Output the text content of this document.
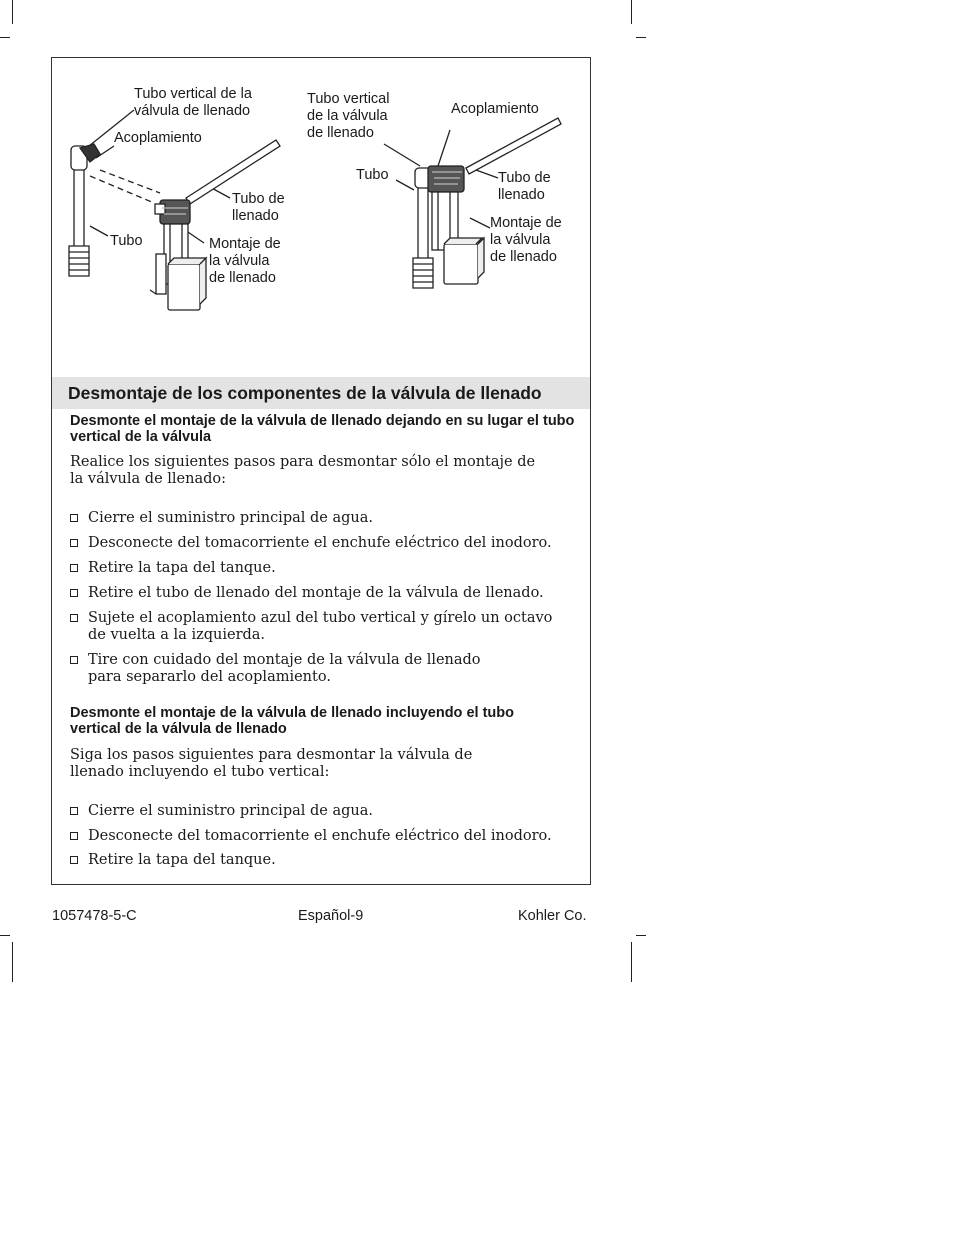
Tubo vertical de la
válvula de llenado
Acoplamiento
Tubo de
llenado
Tubo	Montaje de
la válvula
de llenado
Tubo vertical
de la válvula
de llenado
Acoplamiento
Tubo	Tubo de
llenado
Montaje de
la válvula
de llenado
Desmontaje de los componentes de la válvula de llenado
Desmonte el montaje de la válvula de llenado dejando en su lugar el tubo vertical de la válvula
Realice los siguientes pasos para desmontar sólo el montaje de la válvula de llenado:
Cierre el suministro principal de agua.
Desconecte del tomacorriente el enchufe eléctrico del inodoro.
Retire la tapa del tanque.
Retire el tubo de llenado del montaje de la válvula de llenado.
Sujete el acoplamiento azul del tubo vertical y gírelo un octavo de vuelta a la izquierda.
Tire con cuidado del montaje de la válvula de llenado para separarlo del acoplamiento.
Desmonte el montaje de la válvula de llenado incluyendo el tubo vertical de la válvula de llenado
Siga los pasos siguientes para desmontar la válvula de llenado incluyendo el tubo vertical:
Cierre el suministro principal de agua.
Desconecte del tomacorriente el enchufe eléctrico del inodoro.
Retire la tapa del tanque.
1057478-5-C	Español-9	Kohler Co.
